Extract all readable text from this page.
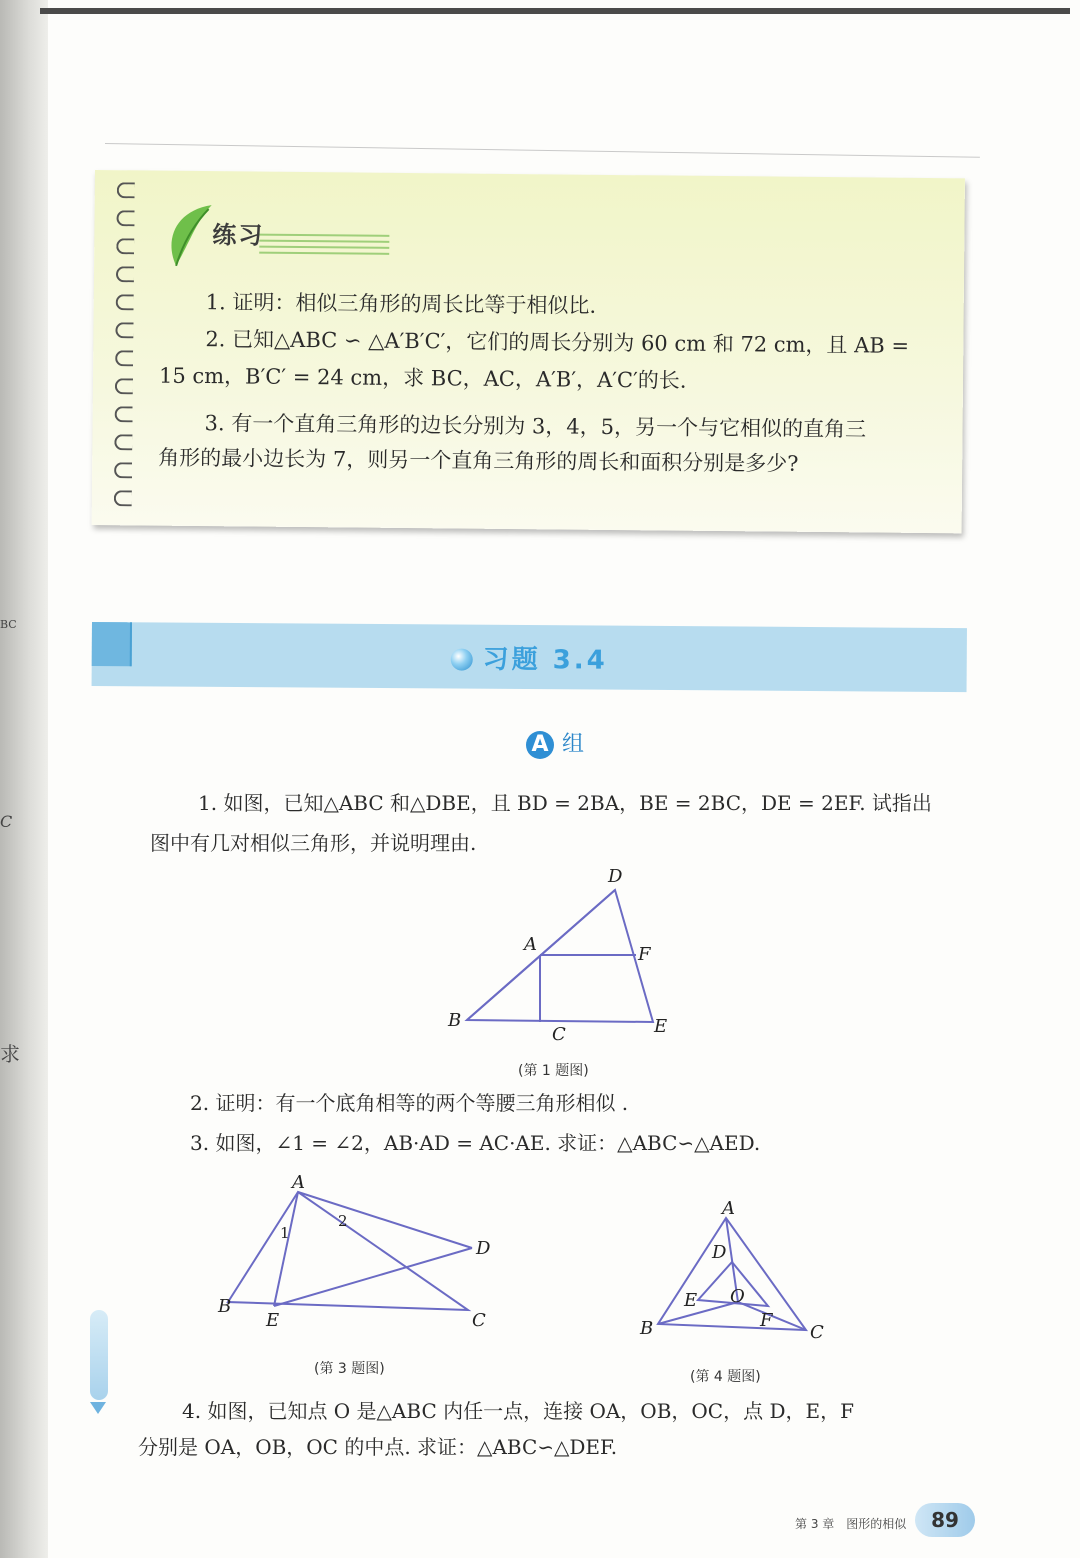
BC
C
求
练习
1. 证明：相似三角形的周长比等于相似比.
2. 已知△ABC ∽ △A′B′C′，它们的周长分别为 60 cm 和 72 cm，且 AB =
15 cm，B′C′ = 24 cm，求 BC，AC，A′B′，A′C′的长.
3. 有一个直角三角形的边长分别为 3，4，5，另一个与它相似的直角三
角形的最小边长为 7，则另一个直角三角形的周长和面积分别是多少?
习题 3.4
A 组
1. 如图，已知△ABC 和△DBE，且 BD = 2BA，BE = 2BC，DE = 2EF. 试指出
图中有几对相似三角形，并说明理由.
D
A	F
B
C	E
(第 1 题图)
2. 证明：有一个底角相等的两个等腰三角形相似 .
3. 如图，∠1 = ∠2，AB·AD = AC·AE. 求证：△ABC∽△AED.
A
D
B
E	C
1
2
(第 3 题图)
A
D
O
E
F
B	C
(第 4 题图)
4. 如图，已知点 O 是△ABC 内任一点，连接 OA，OB，OC，点 D，E，F
分别是 OA，OB，OC 的中点. 求证：△ABC∽△DEF.
第 3 章　图形的相似	89
